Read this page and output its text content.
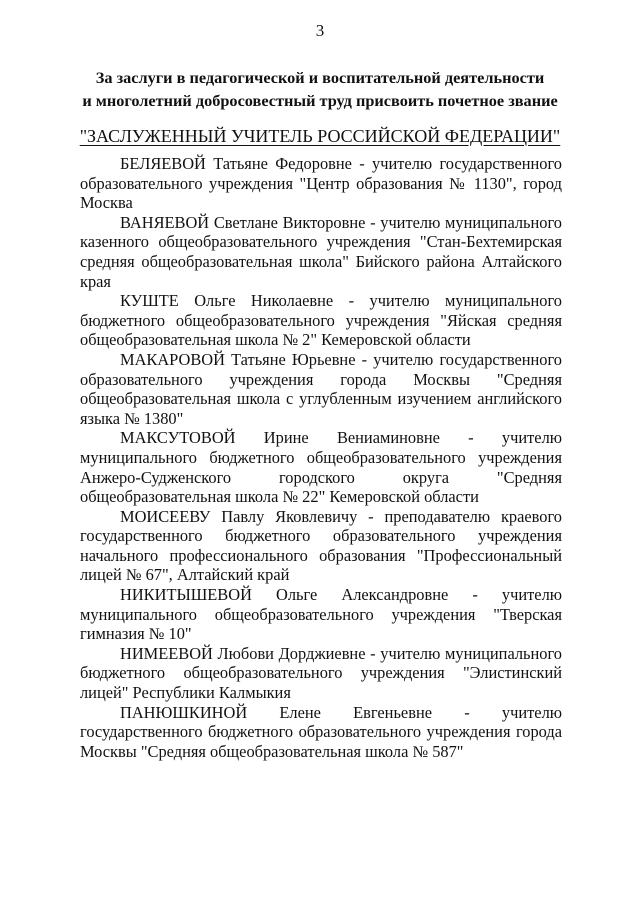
3
За заслуги в педагогической и воспитательной деятельности
и многолетний добросовестный труд присвоить почетное звание
"ЗАСЛУЖЕННЫЙ УЧИТЕЛЬ РОССИЙСКОЙ ФЕДЕРАЦИИ"

БЕЛЯЕВОЙ Татьяне Федоровне - учителю государственного образовательного учреждения "Центр образования № 1130", город Москва

ВАНЯЕВОЙ Светлане Викторовне - учителю муниципального казенного общеобразовательного учреждения "Стан-Бехтемирская средняя общеобразовательная школа" Бийского района Алтайского края

КУШТЕ Ольге Николаевне - учителю муниципального бюджетного общеобразовательного учреждения "Яйская средняя общеобразовательная школа № 2" Кемеровской области

МАКАРОВОЙ Татьяне Юрьевне - учителю государственного образовательного учреждения города Москвы "Средняя общеобразовательная школа с углубленным изучением английского языка № 1380"

МАКСУТОВОЙ Ирине Вениаминовне - учителю муниципального бюджетного общеобразовательного учреждения Анжеро-Судженского городского округа "Средняя общеобразовательная школа № 22" Кемеровской области

МОИСЕЕВУ Павлу Яковлевичу - преподавателю краевого государственного бюджетного образовательного учреждения начального профессионального образования "Профессиональный лицей № 67", Алтайский край

НИКИТЫШЕВОЙ Ольге Александровне - учителю муниципального общеобразовательного учреждения "Тверская гимназия № 10"

НИМЕЕВОЙ Любови Дорджиевне - учителю муниципального бюджетного общеобразовательного учреждения "Элистинский лицей" Республики Калмыкия

ПАНЮШКИНОЙ Елене Евгеньевне - учителю государственного бюджетного образовательного учреждения города Москвы "Средняя общеобразовательная школа № 587"
